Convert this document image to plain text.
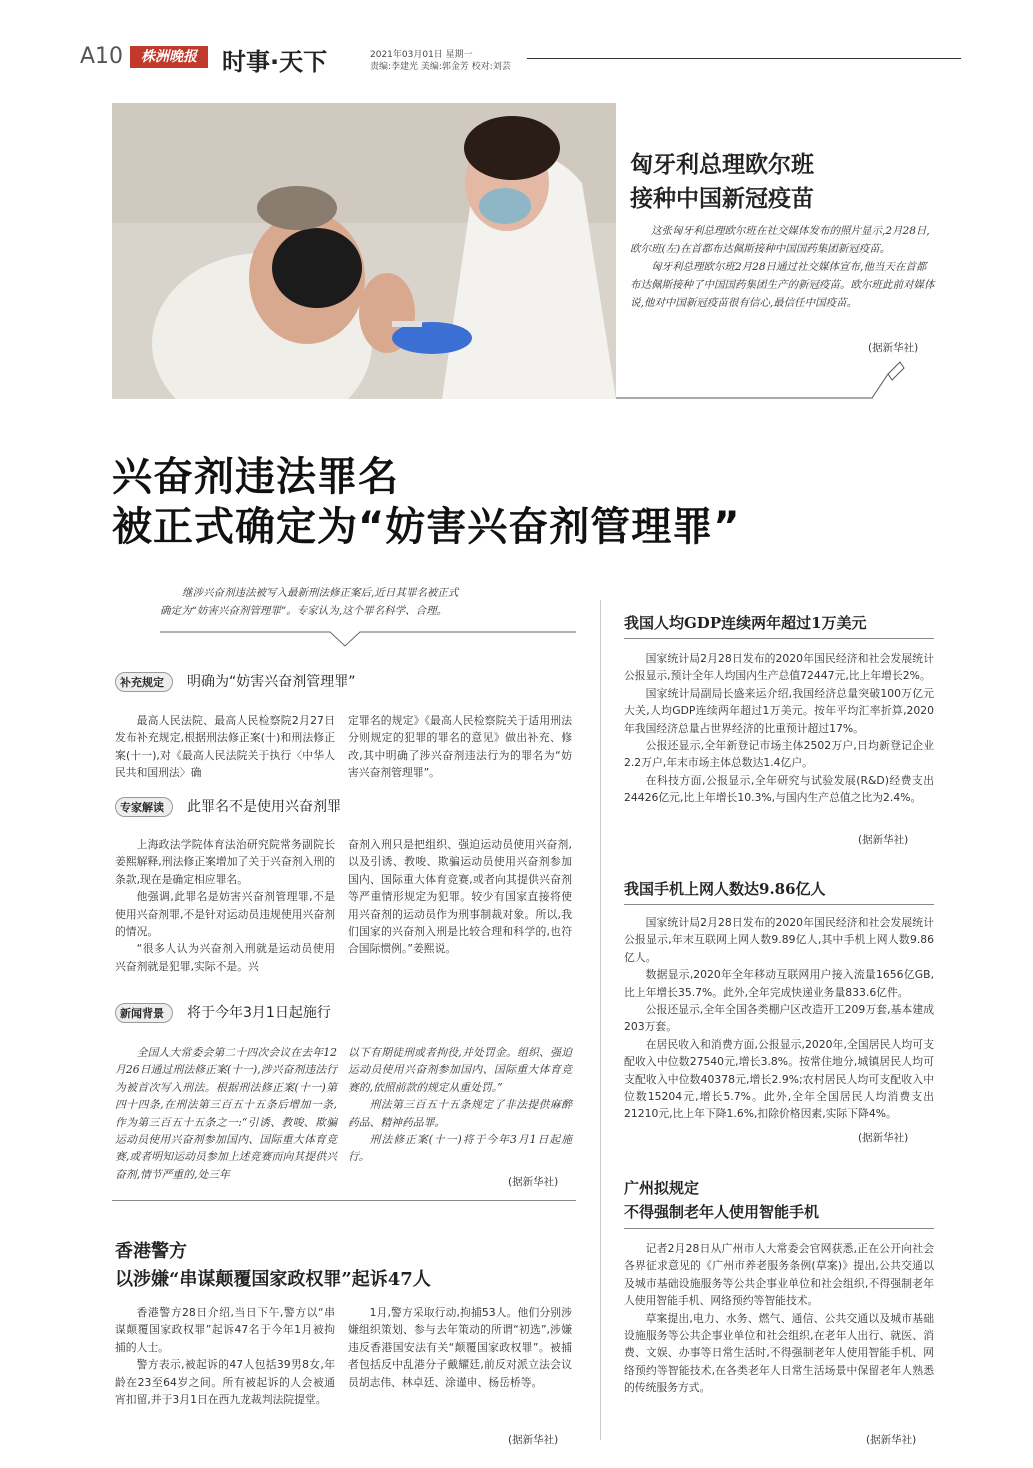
A10	株洲晚报	时事·天下	2021年03月01日 星期一
责编:李建光 美编:郭金芳 校对:刘芸
匈牙利总理欧尔班
接种中国新冠疫苗

这张匈牙利总理欧尔班在社交媒体发布的照片显示,2月28日,欧尔班(左)在首都布达佩斯接种中国国药集团新冠疫苗。

匈牙利总理欧尔班2月28日通过社交媒体宣布,他当天在首都布达佩斯接种了中国国药集团生产的新冠疫苗。欧尔班此前对媒体说,他对中国新冠疫苗很有信心,最信任中国疫苗。

(据新华社)
兴奋剂违法罪名
被正式确定为“妨害兴奋剂管理罪”
继涉兴奋剂违法被写入最新刑法修正案后,近日其罪名被正式
确定为“妨害兴奋剂管理罪”。专家认为,这个罪名科学、合理。
补充规定 明确为“妨害兴奋剂管理罪”

最高人民法院、最高人民检察院2月27日发布补充规定,根据刑法修正案(十)和刑法修正案(十一),对《最高人民法院关于执行〈中华人民共和国刑法〉确

定罪名的规定》《最高人民检察院关于适用刑法分则规定的犯罪的罪名的意见》做出补充、修改,其中明确了涉兴奋剂违法行为的罪名为“妨害兴奋剂管理罪”。

专家解读 此罪名不是使用兴奋剂罪

上海政法学院体育法治研究院常务副院长姜熙解释,刑法修正案增加了关于兴奋剂入刑的条款,现在是确定相应罪名。

他强调,此罪名是妨害兴奋剂管理罪,不是使用兴奋剂罪,不是针对运动员违规使用兴奋剂的情况。

“很多人认为兴奋剂入刑就是运动员使用兴奋剂就是犯罪,实际不是。兴

奋剂入刑只是把组织、强迫运动员使用兴奋剂,以及引诱、教唆、欺骗运动员使用兴奋剂参加国内、国际重大体育竞赛,或者向其提供兴奋剂等严重情形规定为犯罪。较少有国家直接将使用兴奋剂的运动员作为刑事制裁对象。所以,我们国家的兴奋剂入刑是比较合理和科学的,也符合国际惯例。”姜熙说。

新闻背景 将于今年3月1日起施行

全国人大常委会第二十四次会议在去年12月26日通过刑法修正案(十一),涉兴奋剂违法行为被首次写入刑法。根据刑法修正案(十一)第四十四条,在刑法第三百五十五条后增加一条,作为第三百五十五条之一:“引诱、教唆、欺骗运动员使用兴奋剂参加国内、国际重大体育竞赛,或者明知运动员参加上述竞赛而向其提供兴奋剂,情节严重的,处三年

以下有期徒刑或者拘役,并处罚金。组织、强迫运动员使用兴奋剂参加国内、国际重大体育竞赛的,依照前款的规定从重处罚。”

刑法第三百五十五条规定了非法提供麻醉药品、精神药品罪。

刑法修正案(十一)将于今年3月1日起施行。

(据新华社)
香港警方
以涉嫌“串谋颠覆国家政权罪”起诉47人

香港警方28日介绍,当日下午,警方以“串谋颠覆国家政权罪”起诉47名于今年1月被拘捕的人士。

警方表示,被起诉的47人包括39男8女,年龄在23至64岁之间。所有被起诉的人会被通宵扣留,并于3月1日在西九龙裁判法院提堂。

1月,警方采取行动,拘捕53人。他们分别涉嫌组织策划、参与去年策动的所谓“初选”,涉嫌违反香港国安法有关“颠覆国家政权罪”。被捕者包括反中乱港分子戴耀廷,前反对派立法会议员胡志伟、林卓廷、涂谨申、杨岳桥等。

(据新华社)
我国人均GDP连续两年超过1万美元

国家统计局2月28日发布的2020年国民经济和社会发展统计公报显示,预计全年人均国内生产总值72447元,比上年增长2%。

国家统计局副局长盛来运介绍,我国经济总量突破100万亿元大关,人均GDP连续两年超过1万美元。按年平均汇率折算,2020年我国经济总量占世界经济的比重预计超过17%。

公报还显示,全年新登记市场主体2502万户,日均新登记企业2.2万户,年末市场主体总数达1.4亿户。

在科技方面,公报显示,全年研究与试验发展(R&D)经费支出24426亿元,比上年增长10.3%,与国内生产总值之比为2.4%。

(据新华社)
我国手机上网人数达9.86亿人

国家统计局2月28日发布的2020年国民经济和社会发展统计公报显示,年末互联网上网人数9.89亿人,其中手机上网人数9.86亿人。

数据显示,2020年全年移动互联网用户接入流量1656亿GB,比上年增长35.7%。此外,全年完成快递业务量833.6亿件。

公报还显示,全年全国各类棚户区改造开工209万套,基本建成203万套。

在居民收入和消费方面,公报显示,2020年,全国居民人均可支配收入中位数27540元,增长3.8%。按常住地分,城镇居民人均可支配收入中位数40378元,增长2.9%;农村居民人均可支配收入中位数15204元,增长5.7%。此外,全年全国居民人均消费支出21210元,比上年下降1.6%,扣除价格因素,实际下降4%。

(据新华社)
广州拟规定
不得强制老年人使用智能手机

记者2月28日从广州市人大常委会官网获悉,正在公开向社会各界征求意见的《广州市养老服务条例(草案)》提出,公共交通以及城市基础设施服务等公共企事业单位和社会组织,不得强制老年人使用智能手机、网络预约等智能技术。

草案提出,电力、水务、燃气、通信、公共交通以及城市基础设施服务等公共企事业单位和社会组织,在老年人出行、就医、消费、文娱、办事等日常生活时,不得强制老年人使用智能手机、网络预约等智能技术,在各类老年人日常生活场景中保留老年人熟悉的传统服务方式。

(据新华社)
